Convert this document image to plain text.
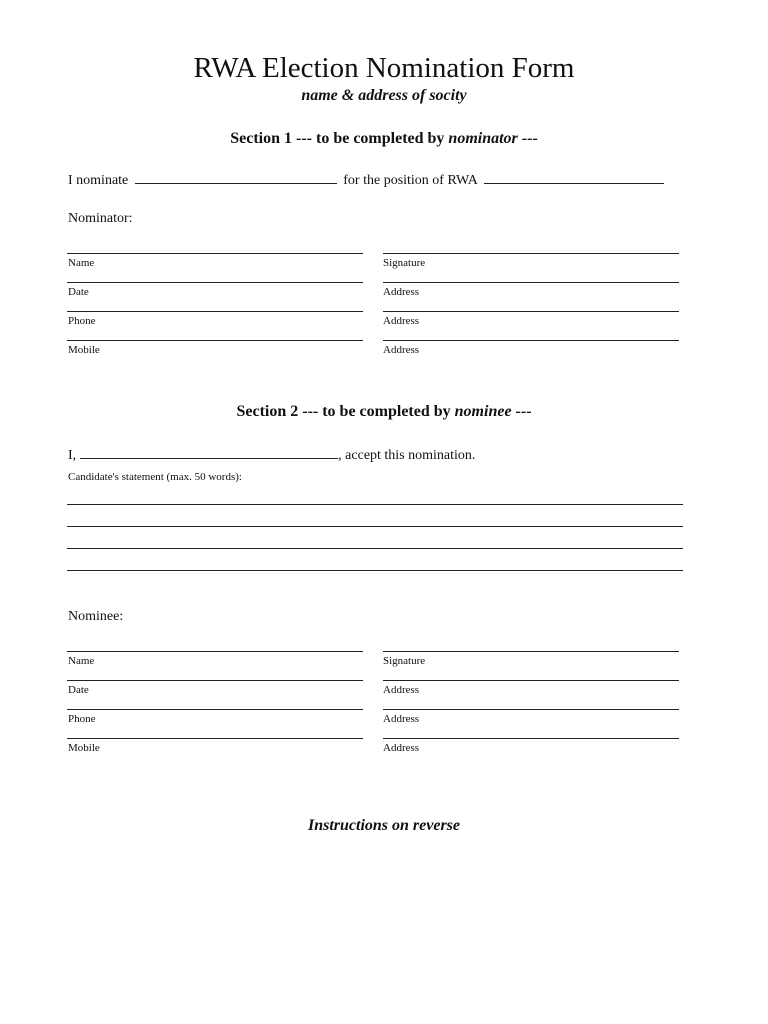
RWA Election Nomination Form
name & address of socity
Section 1 --- to be completed by nominator ---
I nominate	for the position of RWA
Nominator:
Name	Signature
Date	Address
Phone	Address
Mobile	Address
Section 2 --- to be completed by nominee ---
I,	, accept this nomination.
Candidate's statement (max. 50 words):
Nominee:
Name	Signature
Date	Address
Phone	Address
Mobile	Address
Instructions on reverse
